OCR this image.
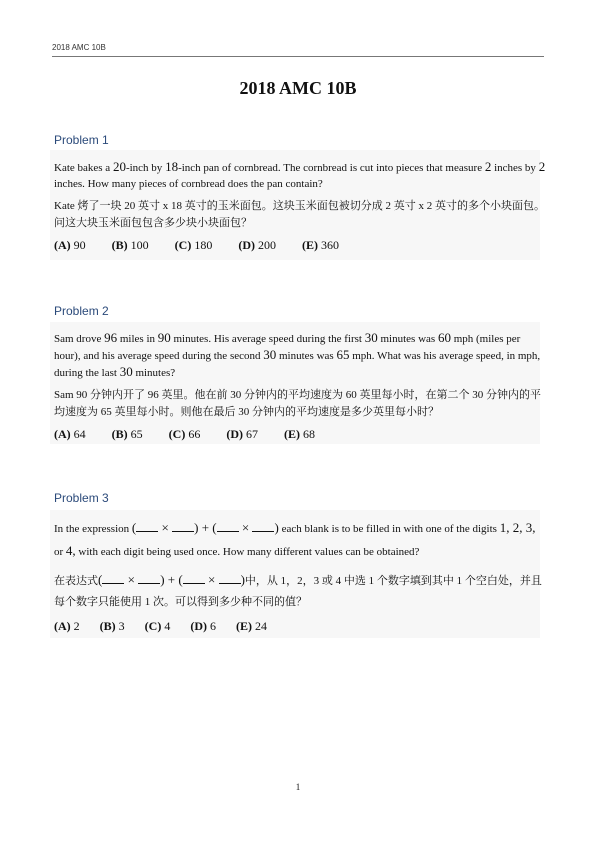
2018 AMC 10B
2018 AMC 10B
Problem 1

Kate bakes a 20-inch by 18-inch pan of cornbread. The cornbread is cut into pieces that measure 2 inches by 2 inches. How many pieces of cornbread does the pan contain?

Kate 烤了一块 20 英寸 x 18 英寸的玉米面包。这块玉米面包被切分成 2 英寸 x 2 英寸的多个小块面包。问这大块玉米面包包含多少块小块面包？

(A) 90 (B) 100 (C) 180 (D) 200 (E) 360
Problem 2

Sam drove 96 miles in 90 minutes. His average speed during the first 30 minutes was 60 mph (miles per hour), and his average speed during the second 30 minutes was 65 mph. What was his average speed, in mph, during the last 30 minutes?

Sam 90 分钟内开了 96 英里。他在前 30 分钟内的平均速度为 60 英里每小时，在第二个 30 分钟内的平均速度为 65 英里每小时。则他在最后 30 分钟内的平均速度是多少英里每小时？

(A) 64 (B) 65 (C) 66 (D) 67 (E) 68
Problem 3

In the expression ( × ) + ( × ) each blank is to be filled in with one of the digits 1, 2, 3, or 4, with each digit being used once. How many different values can be obtained?

在表达式( × ) + ( × )中，从 1，2，3 或 4 中选 1 个数字填到其中 1 个空白处，并且每个数字只能使用 1 次。可以得到多少种不同的值？

(A) 2 (B) 3 (C) 4 (D) 6 (E) 24
1
